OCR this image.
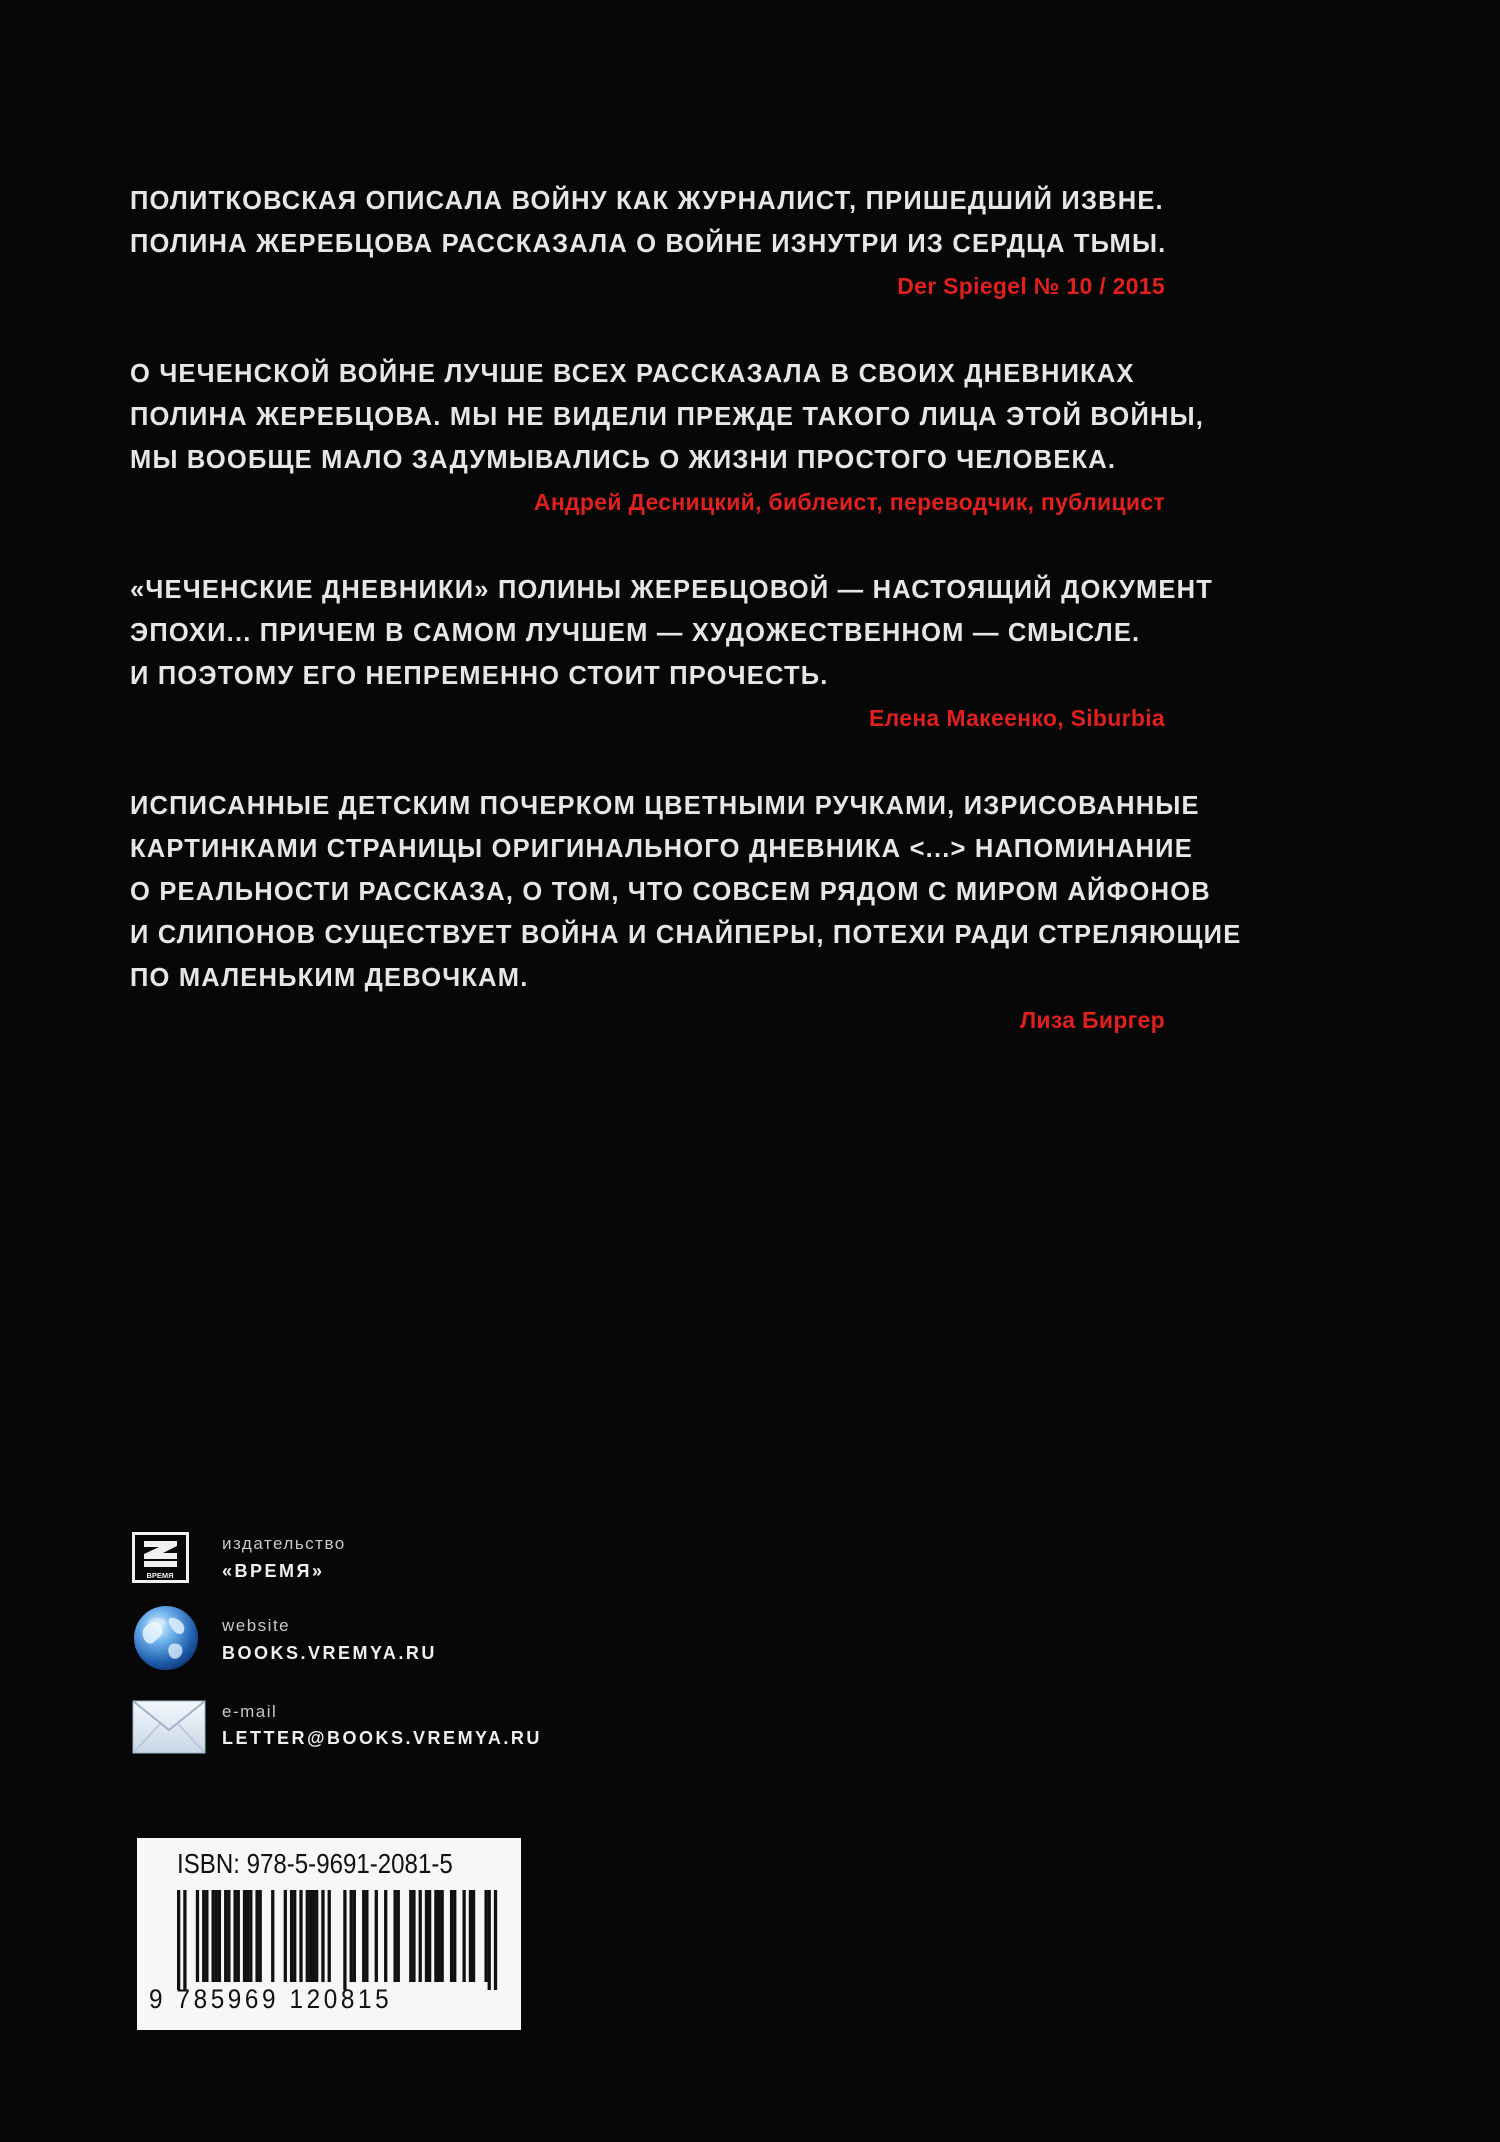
ПОЛИТКОВСКАЯ ОПИСАЛА ВОЙНУ КАК ЖУРНАЛИСТ, ПРИШЕДШИЙ ИЗВНЕ.
ПОЛИНА ЖЕРЕБЦОВА РАССКАЗАЛА О ВОЙНЕ ИЗНУТРИ ИЗ СЕРДЦА ТЬМЫ.
Der Spiegel № 10 / 2015
О ЧЕЧЕНСКОЙ ВОЙНЕ ЛУЧШЕ ВСЕХ РАССКАЗАЛА В СВОИХ ДНЕВНИКАХ
ПОЛИНА ЖЕРЕБЦОВА. МЫ НЕ ВИДЕЛИ ПРЕЖДЕ ТАКОГО ЛИЦА ЭТОЙ ВОЙНЫ,
МЫ ВООБЩЕ МАЛО ЗАДУМЫВАЛИСЬ О ЖИЗНИ ПРОСТОГО ЧЕЛОВЕКА.
Андрей Десницкий, библеист, переводчик, публицист
«ЧЕЧЕНСКИЕ ДНЕВНИКИ» ПОЛИНЫ ЖЕРЕБЦОВОЙ — НАСТОЯЩИЙ ДОКУМЕНТ
ЭПОХИ... ПРИЧЕМ В САМОМ ЛУЧШЕМ — ХУДОЖЕСТВЕННОМ — СМЫСЛЕ.
И ПОЭТОМУ ЕГО НЕПРЕМЕННО СТОИТ ПРОЧЕСТЬ.
Елена Макеенко, Siburbia
ИСПИСАННЫЕ ДЕТСКИМ ПОЧЕРКОМ ЦВЕТНЫМИ РУЧКАМИ, ИЗРИСОВАННЫЕ
КАРТИНКАМИ СТРАНИЦЫ ОРИГИНАЛЬНОГО ДНЕВНИКА <...> НАПОМИНАНИЕ
О РЕАЛЬНОСТИ РАССКАЗА, О ТОМ, ЧТО СОВСЕМ РЯДОМ С МИРОМ АЙФОНОВ
И СЛИПОНОВ СУЩЕСТВУЕТ ВОЙНА И СНАЙПЕРЫ, ПОТЕХИ РАДИ СТРЕЛЯЮЩИЕ
ПО МАЛЕНЬКИМ ДЕВОЧКАМ.
Лиза Биргер
ВРЕМЯ
издательство
«ВРЕМЯ»
website
BOOKS.VREMYA.RU
e-mail
LETTER@BOOKS.VREMYA.RU
ISBN: 978-5-9691-2081-5
9 785969 120815
